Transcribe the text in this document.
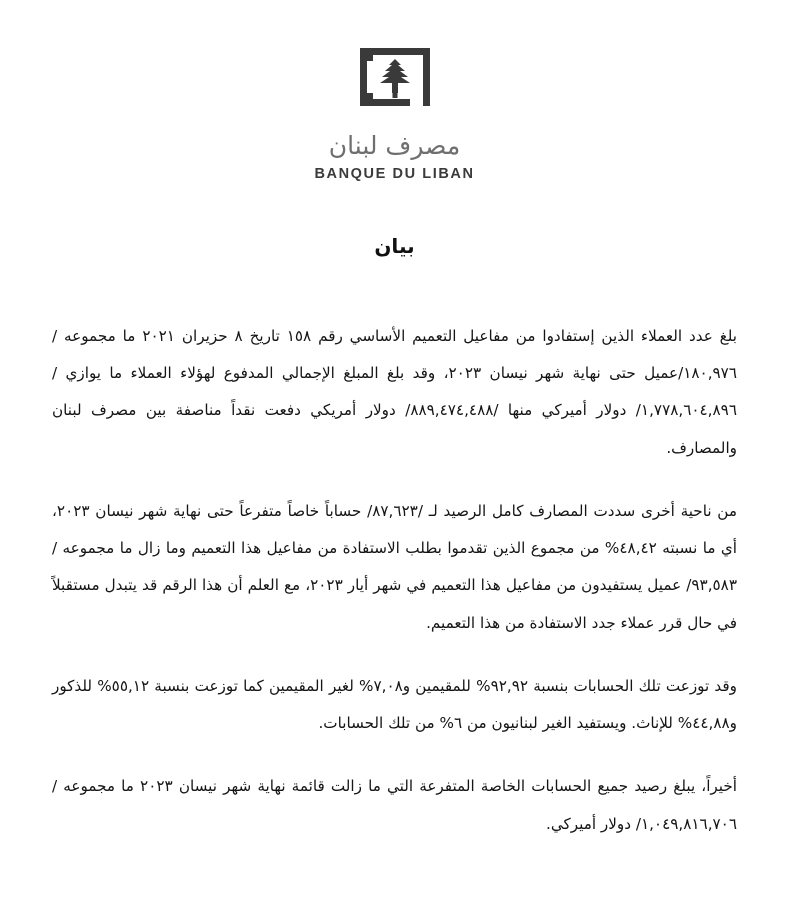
مصرف لبنان
BANQUE DU LIBAN
بيان

بلغ عدد العملاء الذين إستفادوا من مفاعيل التعميم الأساسي رقم ١٥٨ تاريخ ٨ حزيران ٢٠٢١ ما مجموعه /١٨٠,٩٧٦/عميل حتى نهاية شهر نيسان ٢٠٢٣، وقد بلغ المبلغ الإجمالي المدفوع لهؤلاء العملاء ما يوازي /١,٧٧٨,٦٠٤,٨٩٦/ دولار أميركي منها /٨٨٩,٤٧٤,٤٨٨/ دولار أمريكي دفعت نقداً مناصفة بين مصرف لبنان والمصارف.

من ناحية أخرى سددت المصارف كامل الرصيد لـ /٨٧,٦٢٣/ حساباً خاصاً متفرعاً حتى نهاية شهر نيسان ٢٠٢٣، أي ما نسبته ٤٨,٤٢% من مجموع الذين تقدموا بطلب الاستفادة من مفاعيل هذا التعميم وما زال ما مجموعه /٩٣,٥٨٣/ عميل يستفيدون من مفاعيل هذا التعميم في شهر أيار ٢٠٢٣، مع العلم أن هذا الرقم قد يتبدل مستقبلاً في حال قرر عملاء جدد الاستفادة من هذا التعميم.

وقد توزعت تلك الحسابات بنسبة ٩٢,٩٢% للمقيمين و٧,٠٨% لغير المقيمين كما توزعت بنسبة ٥٥,١٢% للذكور و٤٤,٨٨% للإناث. ويستفيد الغير لبنانيون من ٦% من تلك الحسابات.

أخيراً، يبلغ رصيد جميع الحسابات الخاصة المتفرعة التي ما زالت قائمة نهاية شهر نيسان ٢٠٢٣ ما مجموعه /١,٠٤٩,٨١٦,٧٠٦/ دولار أميركي.
